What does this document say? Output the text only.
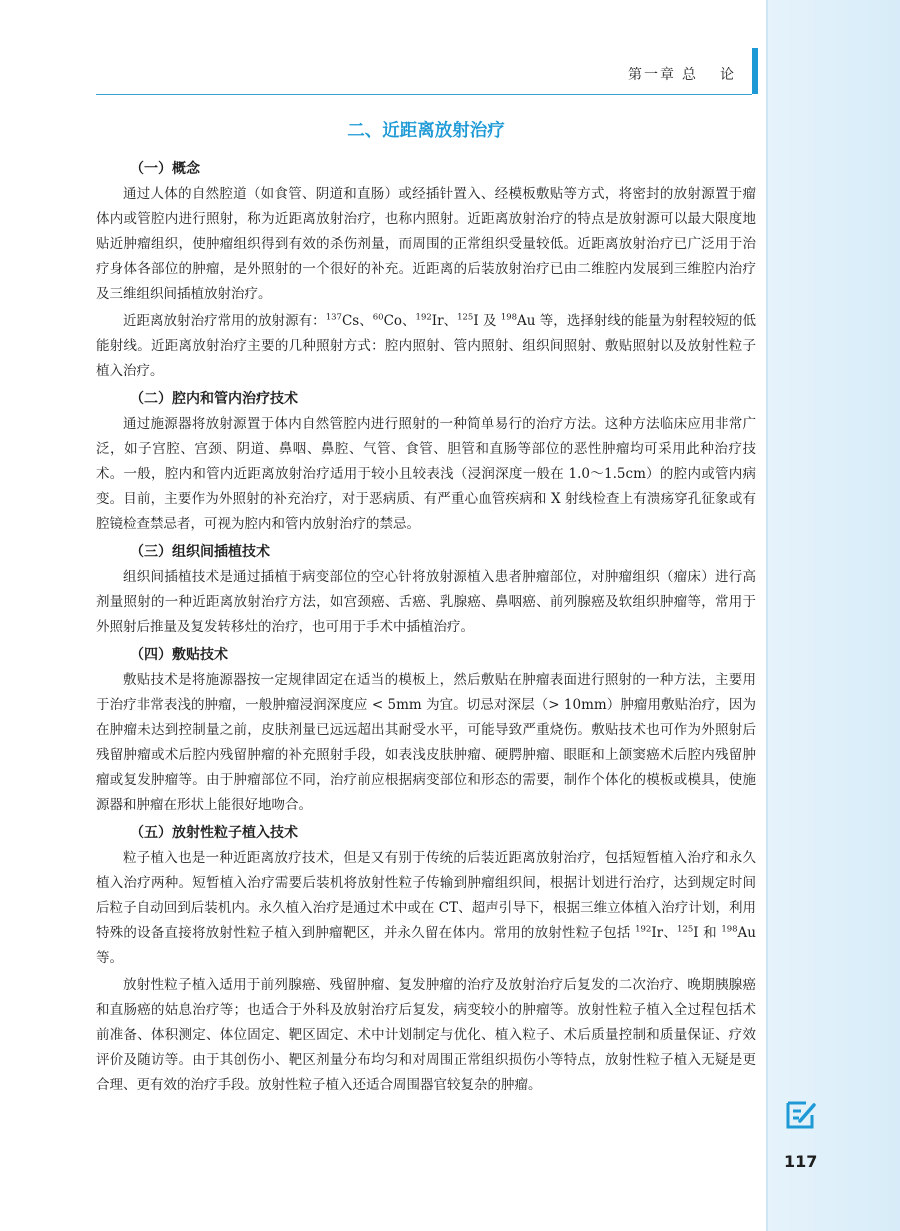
第一章 总 论
二、近距离放射治疗
（一）概念

通过人体的自然腔道（如食管、阴道和直肠）或经插针置入、经模板敷贴等方式，将密封的放射源置于瘤体内或管腔内进行照射，称为近距离放射治疗，也称内照射。近距离放射治疗的特点是放射源可以最大限度地贴近肿瘤组织，使肿瘤组织得到有效的杀伤剂量，而周围的正常组织受量较低。近距离放射治疗已广泛用于治疗身体各部位的肿瘤，是外照射的一个很好的补充。近距离的后装放射治疗已由二维腔内发展到三维腔内治疗及三维组织间插植放射治疗。

近距离放射治疗常用的放射源有：$^{137}$Cs、$^{60}$Co、$^{192}$Ir、$^{125}$I 及 $^{198}$Au 等，选择射线的能量为射程较短的低能射线。近距离放射治疗主要的几种照射方式：腔内照射、管内照射、组织间照射、敷贴照射以及放射性粒子植入治疗。

（二）腔内和管内治疗技术

通过施源器将放射源置于体内自然管腔内进行照射的一种简单易行的治疗方法。这种方法临床应用非常广泛，如子宫腔、宫颈、阴道、鼻咽、鼻腔、气管、食管、胆管和直肠等部位的恶性肿瘤均可采用此种治疗技术。一般，腔内和管内近距离放射治疗适用于较小且较表浅（浸润深度一般在 1.0～1.5cm）的腔内或管内病变。目前，主要作为外照射的补充治疗，对于恶病质、有严重心血管疾病和 X 射线检查上有溃疡穿孔征象或有腔镜检查禁忌者，可视为腔内和管内放射治疗的禁忌。

（三）组织间插植技术

组织间插植技术是通过插植于病变部位的空心针将放射源植入患者肿瘤部位，对肿瘤组织（瘤床）进行高剂量照射的一种近距离放射治疗方法，如宫颈癌、舌癌、乳腺癌、鼻咽癌、前列腺癌及软组织肿瘤等，常用于外照射后推量及复发转移灶的治疗，也可用于手术中插植治疗。

（四）敷贴技术

敷贴技术是将施源器按一定规律固定在适当的模板上，然后敷贴在肿瘤表面进行照射的一种方法，主要用于治疗非常表浅的肿瘤，一般肿瘤浸润深度应 < 5mm 为宜。切忌对深层（> 10mm）肿瘤用敷贴治疗，因为在肿瘤未达到控制量之前，皮肤剂量已远远超出其耐受水平，可能导致严重烧伤。敷贴技术也可作为外照射后残留肿瘤或术后腔内残留肿瘤的补充照射手段，如表浅皮肤肿瘤、硬腭肿瘤、眼眶和上颌窦癌术后腔内残留肿瘤或复发肿瘤等。由于肿瘤部位不同，治疗前应根据病变部位和形态的需要，制作个体化的模板或模具，使施源器和肿瘤在形状上能很好地吻合。

（五）放射性粒子植入技术

粒子植入也是一种近距离放疗技术，但是又有别于传统的后装近距离放射治疗，包括短暂植入治疗和永久植入治疗两种。短暂植入治疗需要后装机将放射性粒子传输到肿瘤组织间，根据计划进行治疗，达到规定时间后粒子自动回到后装机内。永久植入治疗是通过术中或在 CT、超声引导下，根据三维立体植入治疗计划，利用特殊的设备直接将放射性粒子植入到肿瘤靶区，并永久留在体内。常用的放射性粒子包括 $^{192}$Ir、$^{125}$I 和 $^{198}$Au 等。

放射性粒子植入适用于前列腺癌、残留肿瘤、复发肿瘤的治疗及放射治疗后复发的二次治疗、晚期胰腺癌和直肠癌的姑息治疗等；也适合于外科及放射治疗后复发，病变较小的肿瘤等。放射性粒子植入全过程包括术前准备、体积测定、体位固定、靶区固定、术中计划制定与优化、植入粒子、术后质量控制和质量保证、疗效评价及随访等。由于其创伤小、靶区剂量分布均匀和对周围正常组织损伤小等特点，放射性粒子植入无疑是更合理、更有效的治疗手段。放射性粒子植入还适合周围器官较复杂的肿瘤。

117
